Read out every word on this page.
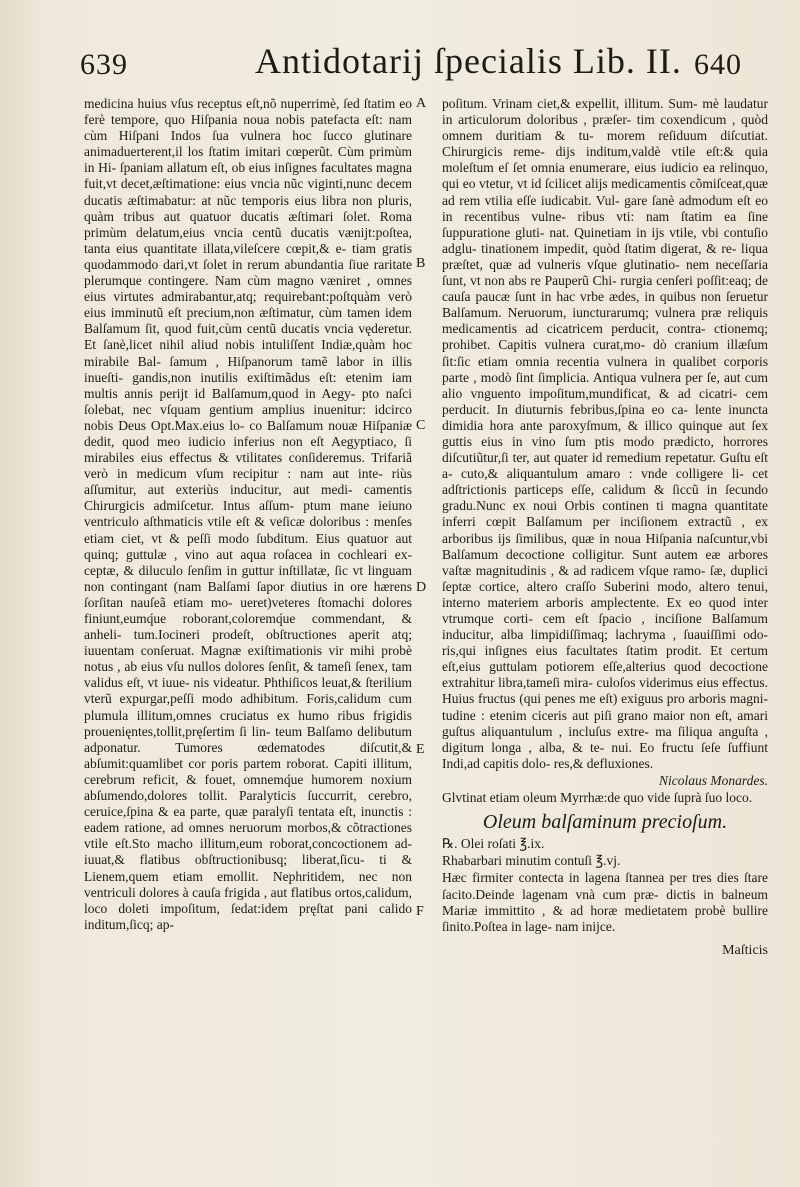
639	Antidotarij ſpecialis Lib. II. 640

medicina huius vſus receptus eſt,nõ nuperrimè, ſed ſtatim eo ferè tempore, quo Hiſpania noua nobis patefacta eſt: nam cùm Hiſpani Indos ſua vulnera hoc ſucco glutinare animaduerterent,il los ſtatim imitari cœperũt. Cùm primùm in Hi- ſpaniam allatum eſt, ob eius inſignes facultates magna fuit,vt decet,æſtimatione: eius vncia nũc viginti,nunc decem ducatis æſtimabatur: at nũc temporis eius libra non pluris, quàm tribus aut quatuor ducatis æſtimari ſolet. Roma primùm delatum,eius vncia centũ ducatis vænijt:poſtea, tanta eius quantitate illata,vileſcere cœpit,& e- tiam gratis quodammodo dari,vt ſolet in rerum abundantia ſiue raritate plerumque contingere. Nam cùm magno væniret , omnes eius virtutes admirabantur,atq; requirebant:poſtquàm verò eius imminutũ eſt precium,non æſtimatur, cùm tamen idem Balſamum ſit, quod fuit,cùm centũ ducatis vncia vęderetur. Et ſanè,licet nihil aliud nobis intuliſſent Indiæ,quàm hoc mirabile Bal- ſamum , Hiſpanorum tamẽ labor in illis inueſti- gandis,non inutilis exiſtimãdus eſt: etenim iam multis annis perijt id Balſamum,quod in Aegy- pto naſci ſolebat, nec vſquam gentium amplius inuenitur: idcirco nobis Deus Opt.Max.eius lo- co Balſamum nouæ Hiſpaniæ dedit, quod meo iudicio inferius non eſt Aegyptiaco, ſi mirabiles eius effectus & vtilitates conſideremus. Trifariã verò in medicum vſum recipitur : nam aut inte- riùs aſſumitur, aut exteriùs inducitur, aut medi- camentis Chirurgicis admiſcetur. Intus aſſum- ptum mane ieiuno ventriculo aſthmaticis vtile eſt & veſicæ doloribus : menſes etiam ciet, vt & peſſi modo ſubditum. Eius quatuor aut quinq; guttulæ , vino aut aqua roſacea in cochleari ex- ceptæ, & diluculo ſenſim in guttur inſtillatæ, ſic vt linguam non contingant (nam Balſami ſapor diutius in ore hærens ſorſitan nauſeã etiam mo- ueret)veteres ſtomachi dolores finiunt,eumq́ue roborant,coloremq́ue commendant, & anheli- tum.Iocineri prodeſt, obſtructiones aperit atq; iuuentam conſeruat. Magnæ exiſtimationis vir mihi probè notus , ab eius vſu nullos dolores ſenſit, & tameſi ſenex, tam validus eſt, vt iuue- nis videatur. Phthiſicos leuat,& ſterilium vterũ expurgar,peſſi modo adhibitum. Foris,calidum cum plumula illitum,omnes cruciatus ex humo ribus frigidis prouenięntes,tollit,pręſertim ſi lin- teum Balſamo delibutum adponatur. Tumores œdematodes diſcutit,& abſumit:quamlibet cor poris partem roborat. Capiti illitum, cerebrum reficit, & fouet, omnemq́ue humorem noxium abſumendo,dolores tollit. Paralyticis ſuccurrit, cerebro, ceruice,ſpina & ea parte, quæ paralyſi tentata eſt, inunctis : eadem ratione, ad omnes neruorum morbos,& cõtractiones vtile eſt.Sto macho illitum,eum roborat,concoctionem ad- iuuat,& flatibus obſtructionibusq; liberat,ſicu- ti & Lienem,quem etiam emollit. Nephritidem, nec non ventriculi dolores à cauſa frigida , aut flatibus ortos,calidum, loco doleti impoſitum, ſedat:idem pręſtat pani calido inditum,ſicq; ap-

A
B
C
D
E
F

poſitum. Vrinam ciet,& expellit, illitum. Sum- mè laudatur in articulorum doloribus , præſer- tim coxendicum , quòd omnem duritiam & tu- morem reſiduum diſcutiat. Chirurgicis reme- dijs inditum,valdè vtile eſt:& quia moleſtum eſ ſet omnia enumerare, eius iudicio ea relinquo, qui eo vtetur, vt id ſcilicet alijs medicamentis cõmiſceat,quæ ad rem vtilia eſſe iudicabit. Vul- gare ſanè admodum eſt eo in recentibus vulne- ribus vti: nam ſtatim ea ſine ſuppuratione gluti- nat. Quinetiam in ijs vtile, vbi contuſio adglu- tinationem impedit, quòd ſtatim digerat, & re- liqua præſtet, quæ ad vulneris vſque glutinatio- nem neceſſaria ſunt, vt non abs re Pauperũ Chi- rurgia cenſeri poſſit:eaq; de cauſa paucæ ſunt in hac vrbe ædes, in quibus non ſeruetur Balſamum. Neruorum, iuncturarumq; vulnera præ reliquis medicamentis ad cicatricem perducit, contra- ctionemq; prohibet. Capitis vulnera curat,mo- dò cranium illæſum ſit:ſic etiam omnia recentia vulnera in qualibet corporis parte , modò ſint ſimplicia. Antiqua vulnera per ſe, aut cum alio vnguento impoſitum,mundificat, & ad cicatri- cem perducit. In diuturnis febribus,ſpina eo ca- lente inuncta dimidia hora ante paroxyſmum, & illico quinque aut ſex guttis eius in vino ſum ptis modo prædicto, horrores diſcutiũtur,ſi ter, aut quater id remedium repetatur. Guſtu eſt a- cuto,& aliquantulum amaro : vnde colligere li- cet adſtrictionis particeps eſſe, calidum & ſiccũ in ſecundo gradu.Nunc ex noui Orbis continen ti magna quantitate inferri cœpit Balſamum per inciſionem extractũ , ex arboribus ijs ſimilibus, quæ in noua Hiſpania naſcuntur,vbi Balſamum decoctione colligitur. Sunt autem eæ arbores vaſtæ magnitudinis , & ad radicem vſque ramo- ſæ, duplici ſeptæ cortice, altero craſſo Suberini modo, altero tenui, interno materiem arboris amplectente. Ex eo quod inter vtrumque corti- cem eſt ſpacio , inciſione Balſamum inducitur, alba limpidiſſimaq; lachryma , ſuauiſſimi odo- ris,qui inſignes eius facultates ſtatim prodit. Et certum eſt,eius guttulam potiorem eſſe,alterius quod decoctione extrahitur libra,tameſi mira- culoſos viderimus eius effectus. Huius fructus (qui penes me eſt) exiguus pro arboris magni- tudine : etenim ciceris aut piſi grano maior non eſt, amari guſtus aliquantulum , incluſus extre- ma ſiliqua anguſta , digitum longa , alba, & te- nui. Eo fructu ſeſe ſuffiunt Indi,ad capitis dolo- res,& defluxiones.

Nicolaus Monardes.

Glvtinat etiam oleum Myrrhæ:de quo vide ſuprà ſuo loco.

Oleum balſaminum precioſum.

℞. Olei roſati ℥.ix.

Rhabarbari minutim contuſi ℥.vj.

Hæc firmiter contecta in lagena ſtannea per tres dies ſtare ſacito.Deinde lagenam vnà cum præ- dictis in balneum Mariæ immittito , & ad horæ medietatem probè bullire ſinito.Poſtea in lage- nam inijce.

Maſticis
